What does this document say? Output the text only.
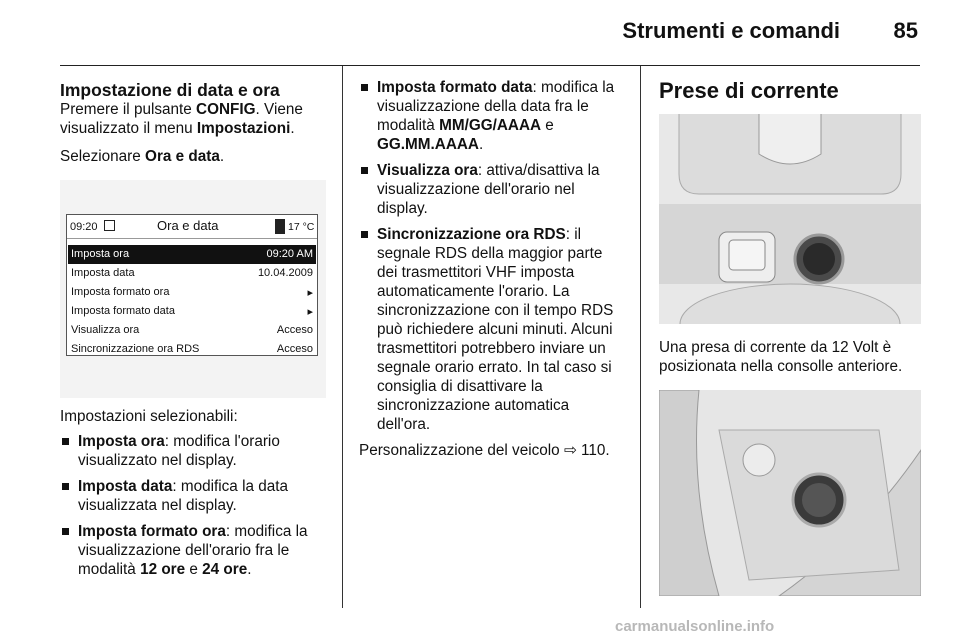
Strumenti e comandi 85
Impostazione di data e ora

Premere il pulsante CONFIG. Viene visualizzato il menu Impostazioni.

Selezionare Ora e data.

09:20	Ora e data	17 °C
Imposta ora	09:20 AM
Imposta data	10.04.2009
Imposta formato ora	▸
Imposta formato data	▸
Visualizza ora	Acceso
Sincronizzazione ora RDS	Acceso

Impostazioni selezionabili:

Imposta ora: modifica l'orario visualizzato nel display.
Imposta data: modifica la data visualizzata nel display.
Imposta formato ora: modifica la visualizzazione dell'orario fra le modalità 12 ore e 24 ore.
Imposta formato data: modifica la visualizzazione della data fra le modalità MM/GG/AAAA e GG.MM.AAAA.
Visualizza ora: attiva/disattiva la visualizzazione dell'orario nel display.
Sincronizzazione ora RDS: il segnale RDS della maggior parte dei trasmettitori VHF imposta automaticamente l'orario. La sincronizzazione con il tempo RDS può richiedere alcuni minuti. Alcuni trasmettitori potrebbero inviare un segnale orario errato. In tal caso si consiglia di disattivare la sincronizzazione automatica dell'ora.

Personalizzazione del veicolo ⇨ 110.

Prese di corrente

Una presa di corrente da 12 Volt è posizionata nella consolle anteriore.

carmanualsonline.info
